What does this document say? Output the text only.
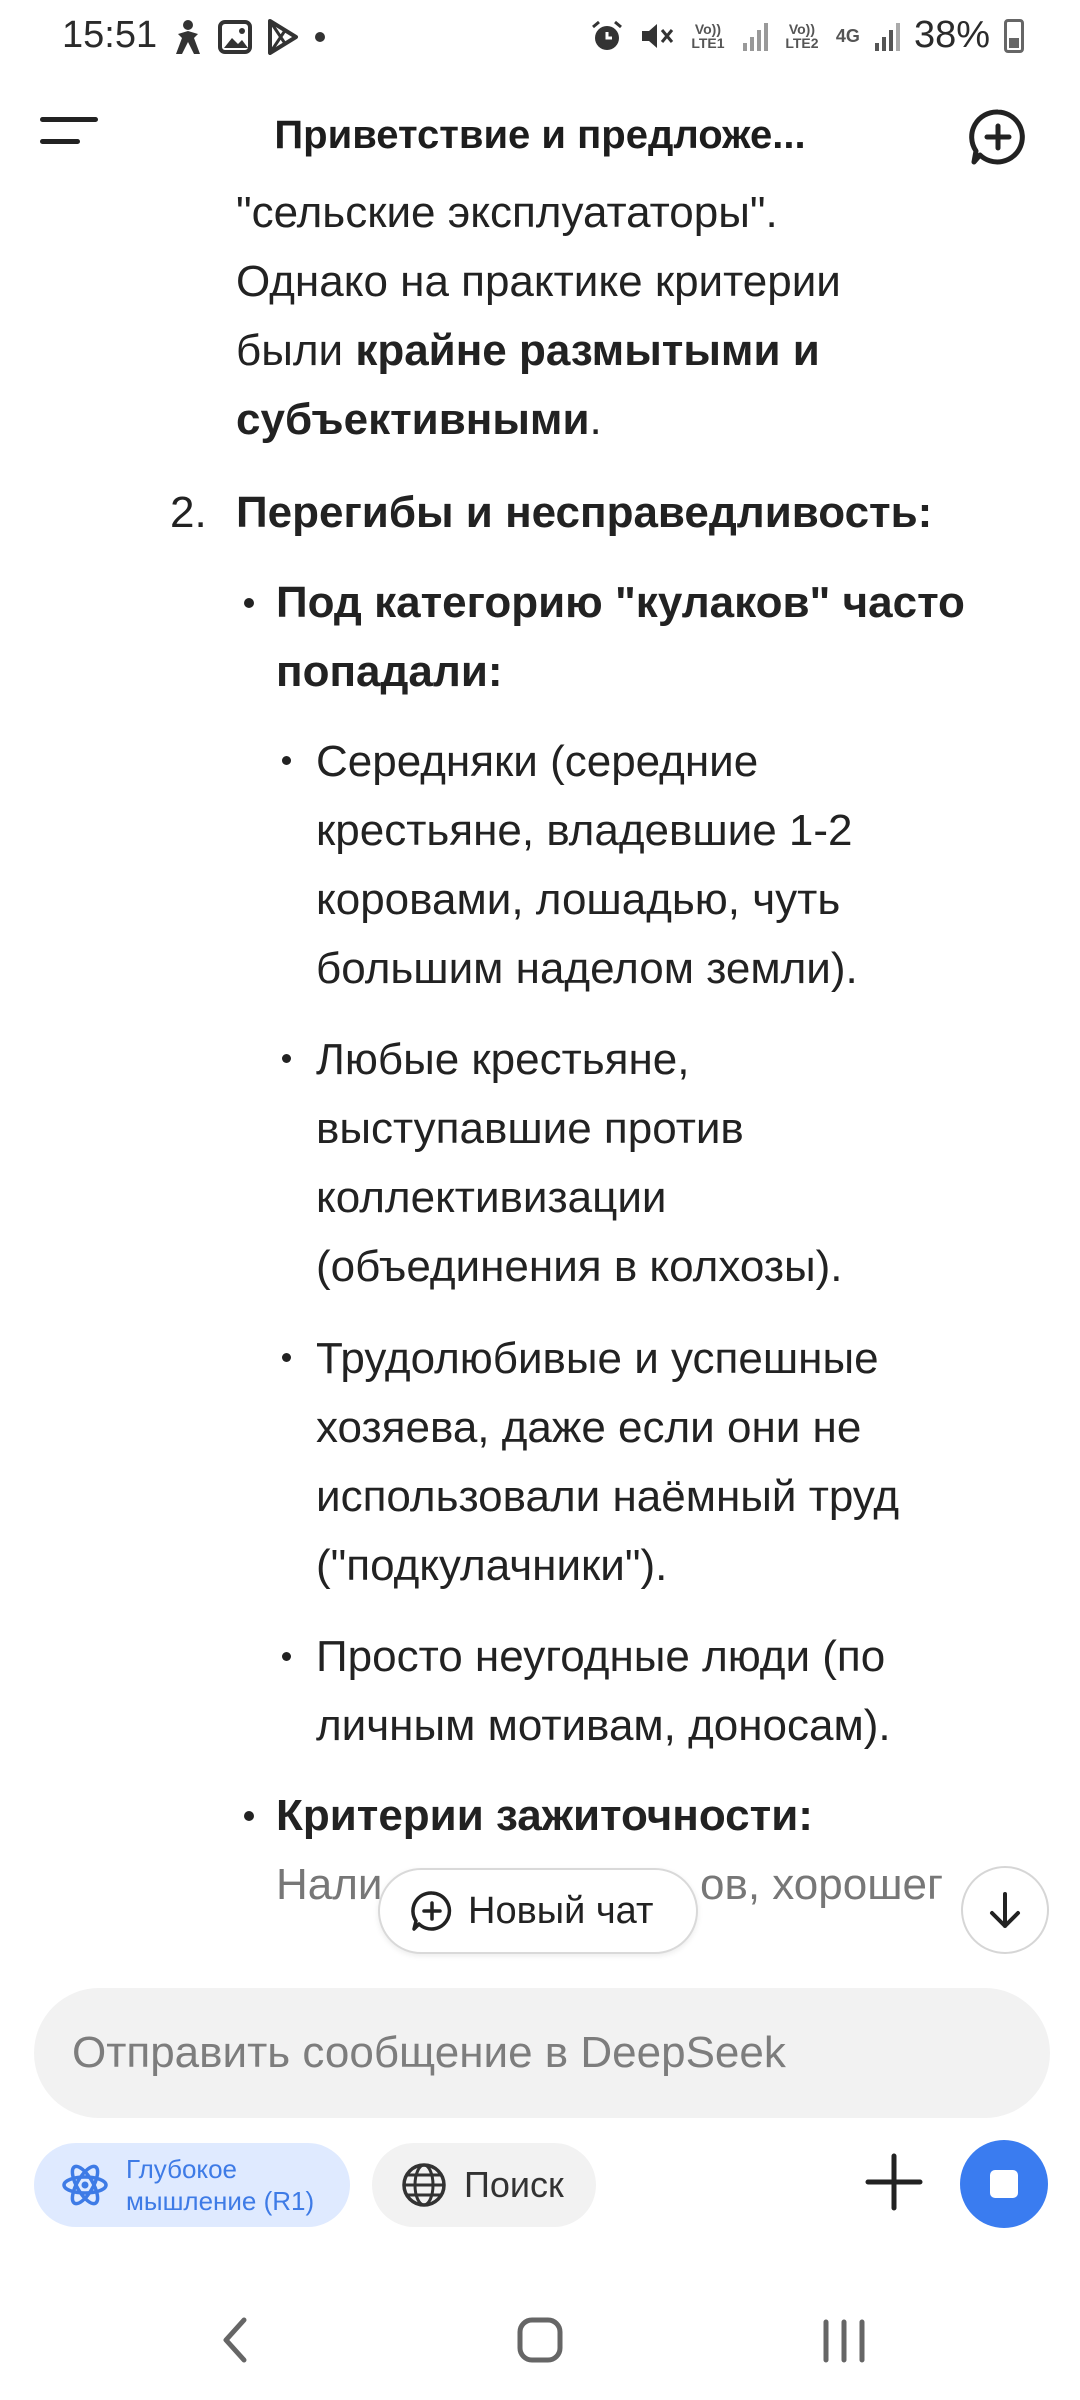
15:51	Vo)) LTE1
Vo)) LTE2 4G 38%
"сельские эксплуататоры".
Однако на практике критерии
были крайне размытыми и
субъективными.
2. Перегибы и несправедливость:
Под категорию "кулаков" часто
попадали:
Середняки (середние
крестьяне, владевшие 1-2
коровами, лошадью, чуть
большим наделом земли).
Любые крестьяне,
выступавшие против
коллективизации
(объединения в колхозы).
Трудолюбивые и успешные
хозяева, даже если они не
использовали наёмный труд
("подкулачники").
Просто неугодные люди (по
личным мотивам, доносам).
Критерии зажиточности:
Нали	ов, хорошег
Приветствие и предложе...
Новый чат
Отправить сообщение в DeepSeek
Глубокое
мышление (R1)	Поиск
